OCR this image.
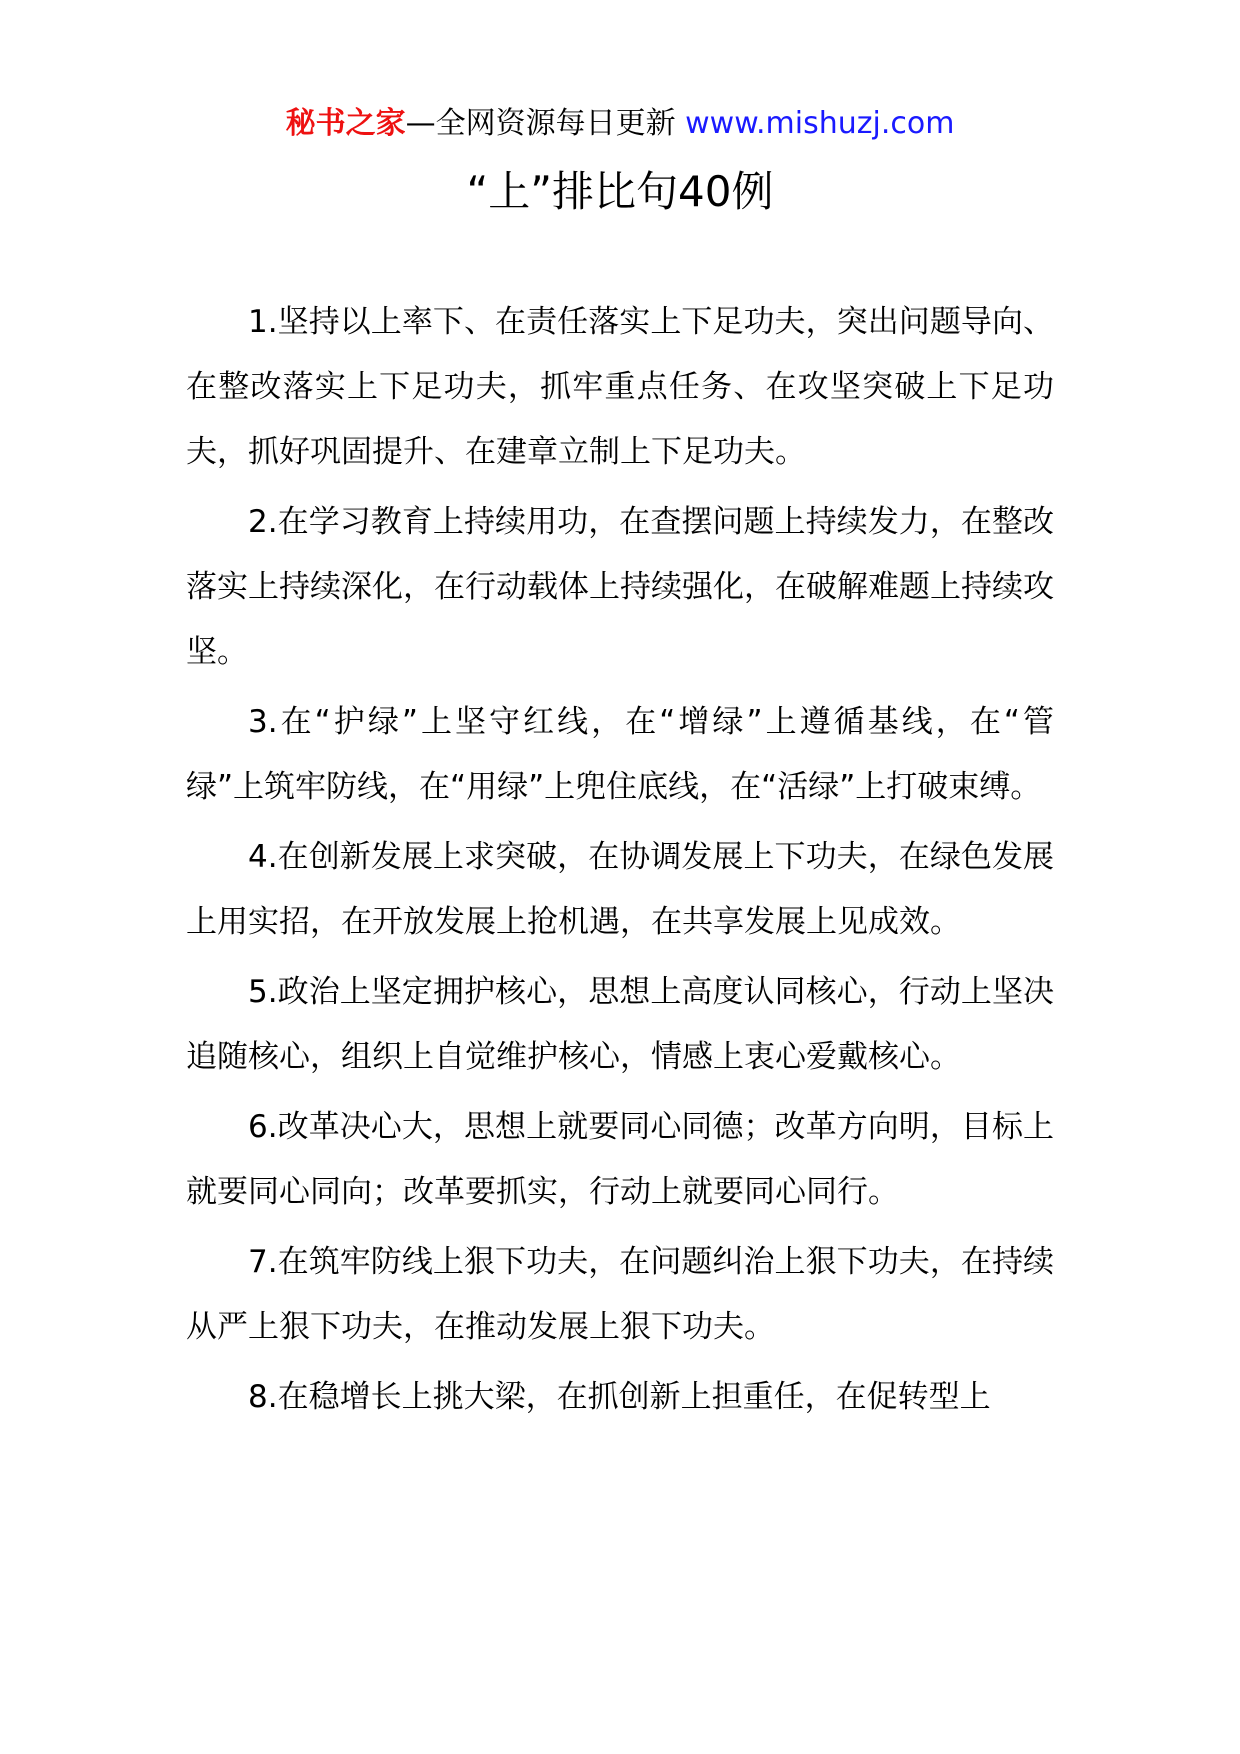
秘书之家—全网资源每日更新 www.mishuzj.com
“上”排比句40例

1.坚持以上率下、在责任落实上下足功夫，突出问题导向、在整改落实上下足功夫，抓牢重点任务、在攻坚突破上下足功夫，抓好巩固提升、在建章立制上下足功夫。

2.在学习教育上持续用功，在查摆问题上持续发力，在整改落实上持续深化，在行动载体上持续强化，在破解难题上持续攻坚。

3.在“护绿”上坚守红线，在“增绿”上遵循基线，在“管绿”上筑牢防线，在“用绿”上兜住底线，在“活绿”上打破束缚。

4.在创新发展上求突破，在协调发展上下功夫，在绿色发展上用实招，在开放发展上抢机遇，在共享发展上见成效。

5.政治上坚定拥护核心，思想上高度认同核心，行动上坚决追随核心，组织上自觉维护核心，情感上衷心爱戴核心。

6.改革决心大，思想上就要同心同德；改革方向明，目标上就要同心同向；改革要抓实，行动上就要同心同行。

7.在筑牢防线上狠下功夫，在问题纠治上狠下功夫，在持续从严上狠下功夫，在推动发展上狠下功夫。

8.在稳增长上挑大梁，在抓创新上担重任，在促转型上
